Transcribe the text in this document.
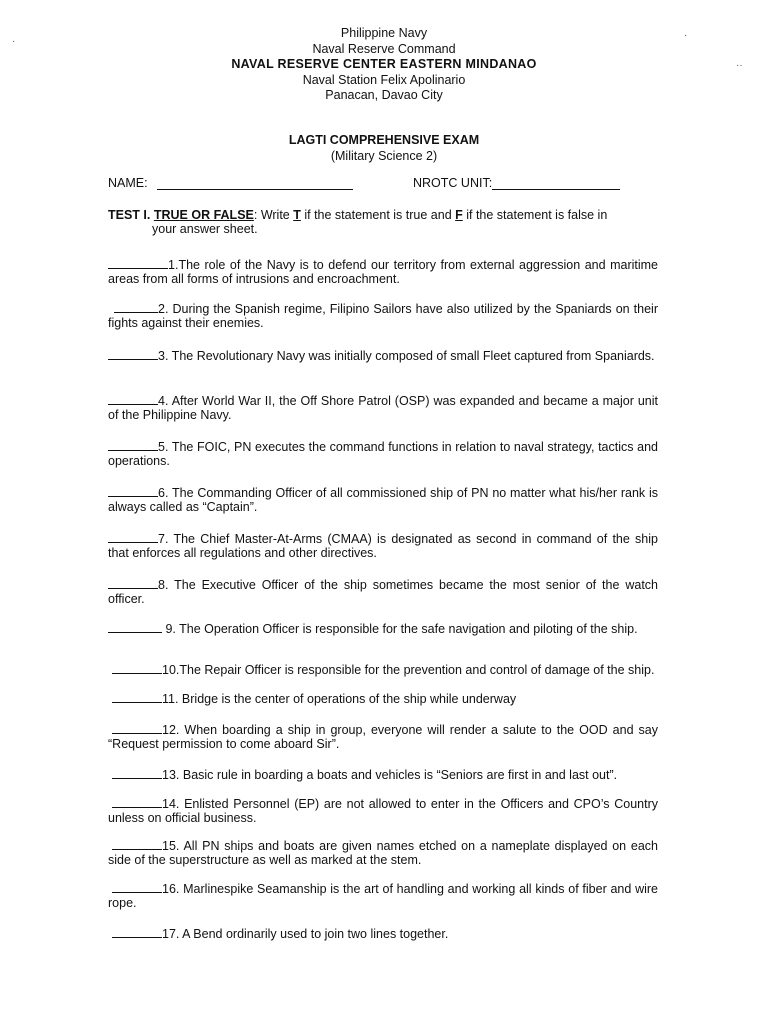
Philippine Navy
Naval Reserve Command
NAVAL RESERVE CENTER EASTERN MINDANAO
Naval Station Felix Apolinario
Panacan, Davao City
LAGTI COMPREHENSIVE EXAM
(Military Science 2)
NAME:	NROTC UNIT:
TEST I. TRUE OR FALSE: Write T if the statement is true and F if the statement is false in
your answer sheet.
1.The role of the Navy is to defend our territory from external aggression and maritime areas from all forms of intrusions and encroachment.
2. During the Spanish regime, Filipino Sailors have also utilized by the Spaniards on their fights against their enemies.
3. The Revolutionary Navy was initially composed of small Fleet captured from Spaniards.
4. After World War II, the Off Shore Patrol (OSP) was expanded and became a major unit of the Philippine Navy.
5. The FOIC, PN executes the command functions in relation to naval strategy, tactics and operations.
6. The Commanding Officer of all commissioned ship of PN no matter what his/her rank is always called as “Captain”.
7. The Chief Master-At-Arms (CMAA) is designated as second in command of the ship that enforces all regulations and other directives.
8. The Executive Officer of the ship sometimes became the most senior of the watch officer.
9. The Operation Officer is responsible for the safe navigation and piloting of the ship.
10.The Repair Officer is responsible for the prevention and control of damage of the ship.
11. Bridge is the center of operations of the ship while underway
12. When boarding a ship in group, everyone will render a salute to the OOD and say “Request permission to come aboard Sir”.
13. Basic rule in boarding a boats and vehicles is “Seniors are first in and last out”.
14. Enlisted Personnel (EP) are not allowed to enter in the Officers and CPO’s Country unless on official business.
15. All PN ships and boats are given names etched on a nameplate displayed on each side of the superstructure as well as marked at the stem.
16. Marlinespike Seamanship is the art of handling and working all kinds of fiber and wire rope.
17. A Bend ordinarily used to join two lines together.
·
·
··
